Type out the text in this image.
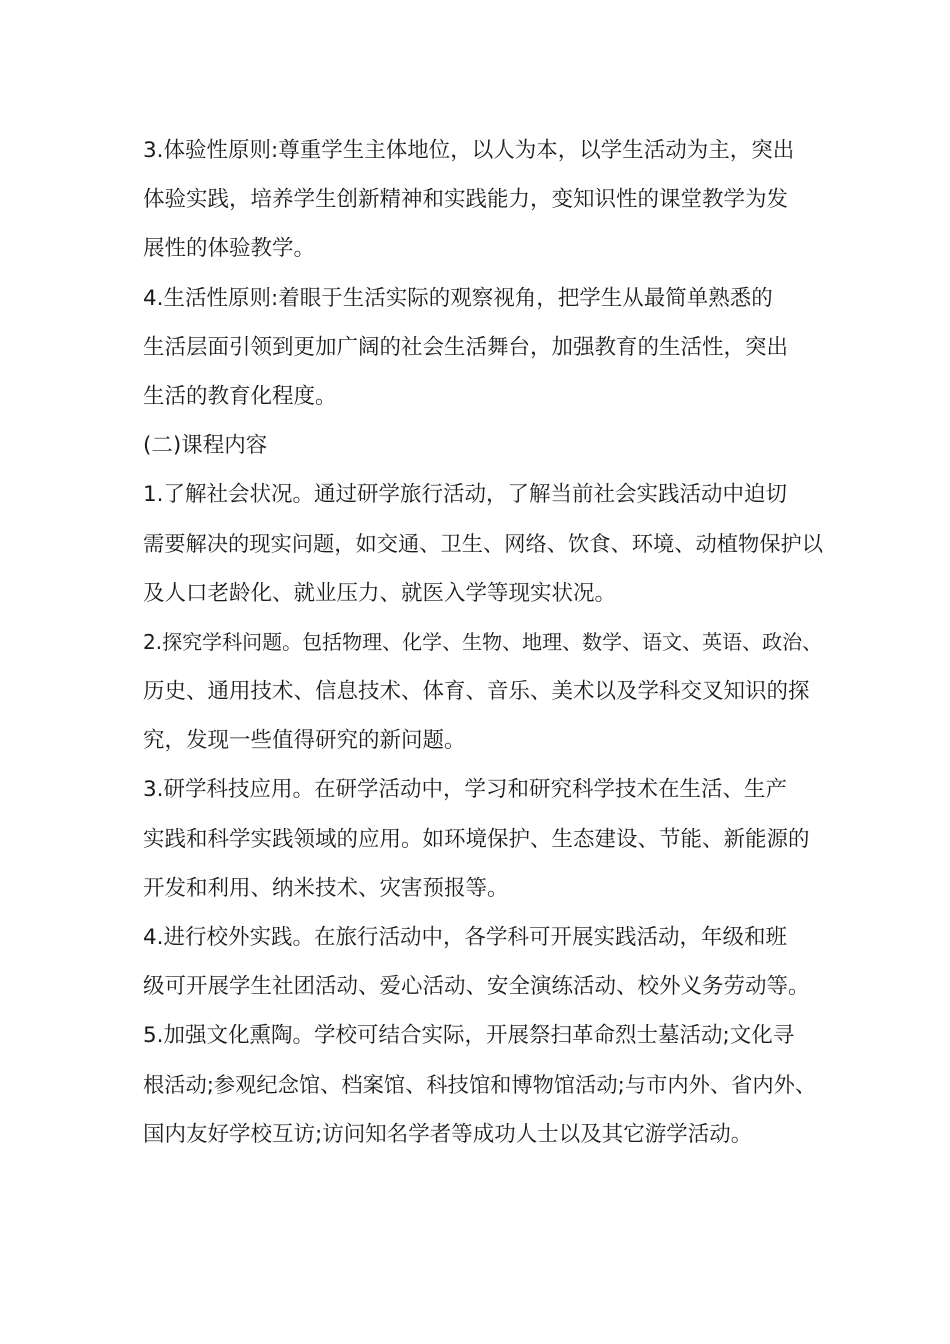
3.体验性原则:尊重学生主体地位，以人为本，以学生活动为主，突出
体验实践，培养学生创新精神和实践能力，变知识性的课堂教学为发
展性的体验教学。
4.生活性原则:着眼于生活实际的观察视角，把学生从最简单熟悉的
生活层面引领到更加广阔的社会生活舞台，加强教育的生活性，突出
生活的教育化程度。
(二)课程内容
1.了解社会状况。通过研学旅行活动，了解当前社会实践活动中迫切
需要解决的现实问题，如交通、卫生、网络、饮食、环境、动植物保护以
及人口老龄化、就业压力、就医入学等现实状况。
2.探究学科问题。包括物理、化学、生物、地理、数学、语文、英语、政治、
历史、通用技术、信息技术、体育、音乐、美术以及学科交叉知识的探
究，发现一些值得研究的新问题。
3.研学科技应用。在研学活动中，学习和研究科学技术在生活、生产
实践和科学实践领域的应用。如环境保护、生态建设、节能、新能源的
开发和利用、纳米技术、灾害预报等。
4.进行校外实践。在旅行活动中，各学科可开展实践活动，年级和班
级可开展学生社团活动、爱心活动、安全演练活动、校外义务劳动等。
5.加强文化熏陶。学校可结合实际，开展祭扫革命烈士墓活动;文化寻
根活动;参观纪念馆、档案馆、科技馆和博物馆活动;与市内外、省内外、
国内友好学校互访;访问知名学者等成功人士以及其它游学活动。
